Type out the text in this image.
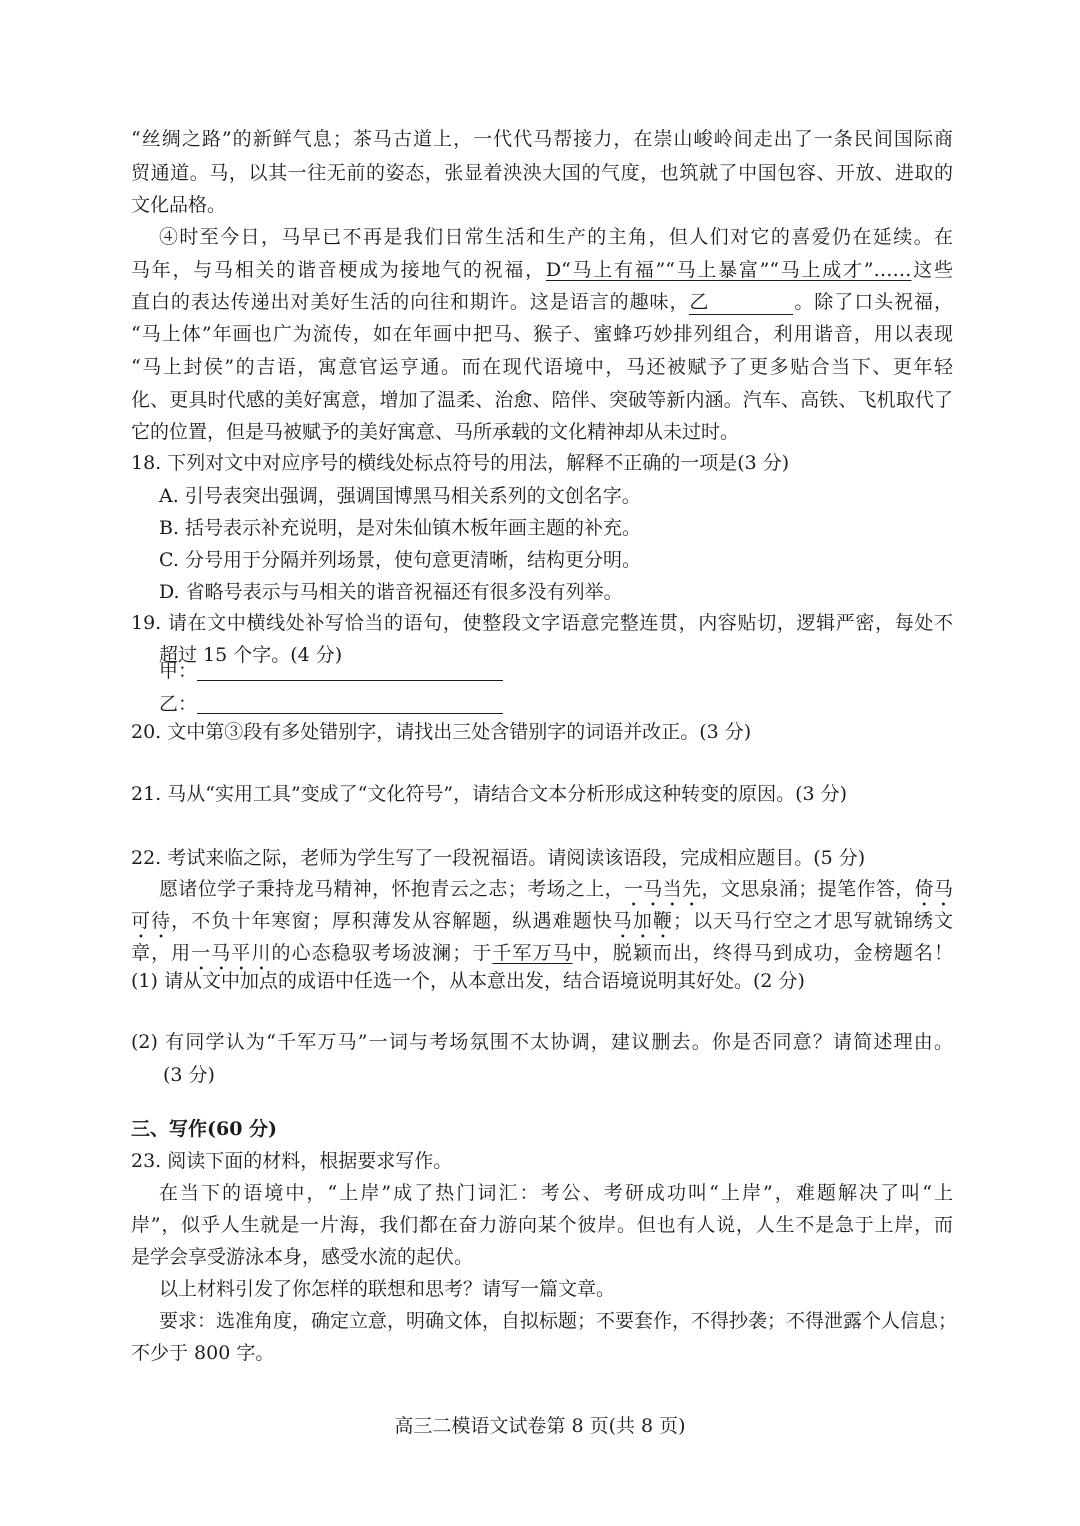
“丝绸之路”的新鲜气息；茶马古道上，一代代马帮接力，在崇山峻岭间走出了一条民间国际商
贸通道。马，以其一往无前的姿态，张显着泱泱大国的气度，也筑就了中国包容、开放、进取的
文化品格。
④时至今日，马早已不再是我们日常生活和生产的主角，但人们对它的喜爱仍在延续。在
马年，与马相关的谐音梗成为接地气的祝福，D“马上有福”“马上暴富”“马上成才”……这些
直白的表达传递出对美好生活的向往和期许。这是语言的趣味，乙	。除了口头祝福，
“马上体”年画也广为流传，如在年画中把马、猴子、蜜蜂巧妙排列组合，利用谐音，用以表现
“马上封侯”的吉语，寓意官运亨通。而在现代语境中，马还被赋予了更多贴合当下、更年轻
化、更具时代感的美好寓意，增加了温柔、治愈、陪伴、突破等新内涵。汽车、高铁、飞机取代了
它的位置，但是马被赋予的美好寓意、马所承载的文化精神却从未过时。
18. 下列对文中对应序号的横线处标点符号的用法，解释不正确的一项是(3 分)
A. 引号表突出强调，强调国博黑马相关系列的文创名字。
B. 括号表示补充说明，是对朱仙镇木板年画主题的补充。
C. 分号用于分隔并列场景，使句意更清晰，结构更分明。
D. 省略号表示与马相关的谐音祝福还有很多没有列举。
19. 请在文中横线处补写恰当的语句，使整段文字语意完整连贯，内容贴切，逻辑严密，每处不
超过 15 个字。(4 分)
甲：
乙：
20. 文中第③段有多处错别字，请找出三处含错别字的词语并改正。(3 分)
21. 马从“实用工具”变成了“文化符号”，请结合文本分析形成这种转变的原因。(3 分)
22. 考试来临之际，老师为学生写了一段祝福语。请阅读该语段，完成相应题目。(5 分)
愿诸位学子秉持龙马精神，怀抱青云之志；考场之上，一马当先，文思泉涌；提笔作答，倚马
可待，不负十年寒窗；厚积薄发从容解题，纵遇难题快马加鞭；以天马行空之才思写就锦绣文
章，用一马平川的心态稳驭考场波澜；于千军万马中，脱颖而出，终得马到成功，金榜题名！
(1) 请从文中加点的成语中任选一个，从本意出发，结合语境说明其好处。(2 分)
(2) 有同学认为“千军万马”一词与考场氛围不太协调，建议删去。你是否同意？请简述理由。
(3 分)
三、写作(60 分)
23. 阅读下面的材料，根据要求写作。
在当下的语境中，“上岸”成了热门词汇：考公、考研成功叫“上岸”，难题解决了叫“上
岸”，似乎人生就是一片海，我们都在奋力游向某个彼岸。但也有人说，人生不是急于上岸，而
是学会享受游泳本身，感受水流的起伏。
以上材料引发了你怎样的联想和思考？请写一篇文章。
要求：选准角度，确定立意，明确文体，自拟标题；不要套作，不得抄袭；不得泄露个人信息；
不少于 800 字。
高三二模语文试卷第 8 页(共 8 页)
